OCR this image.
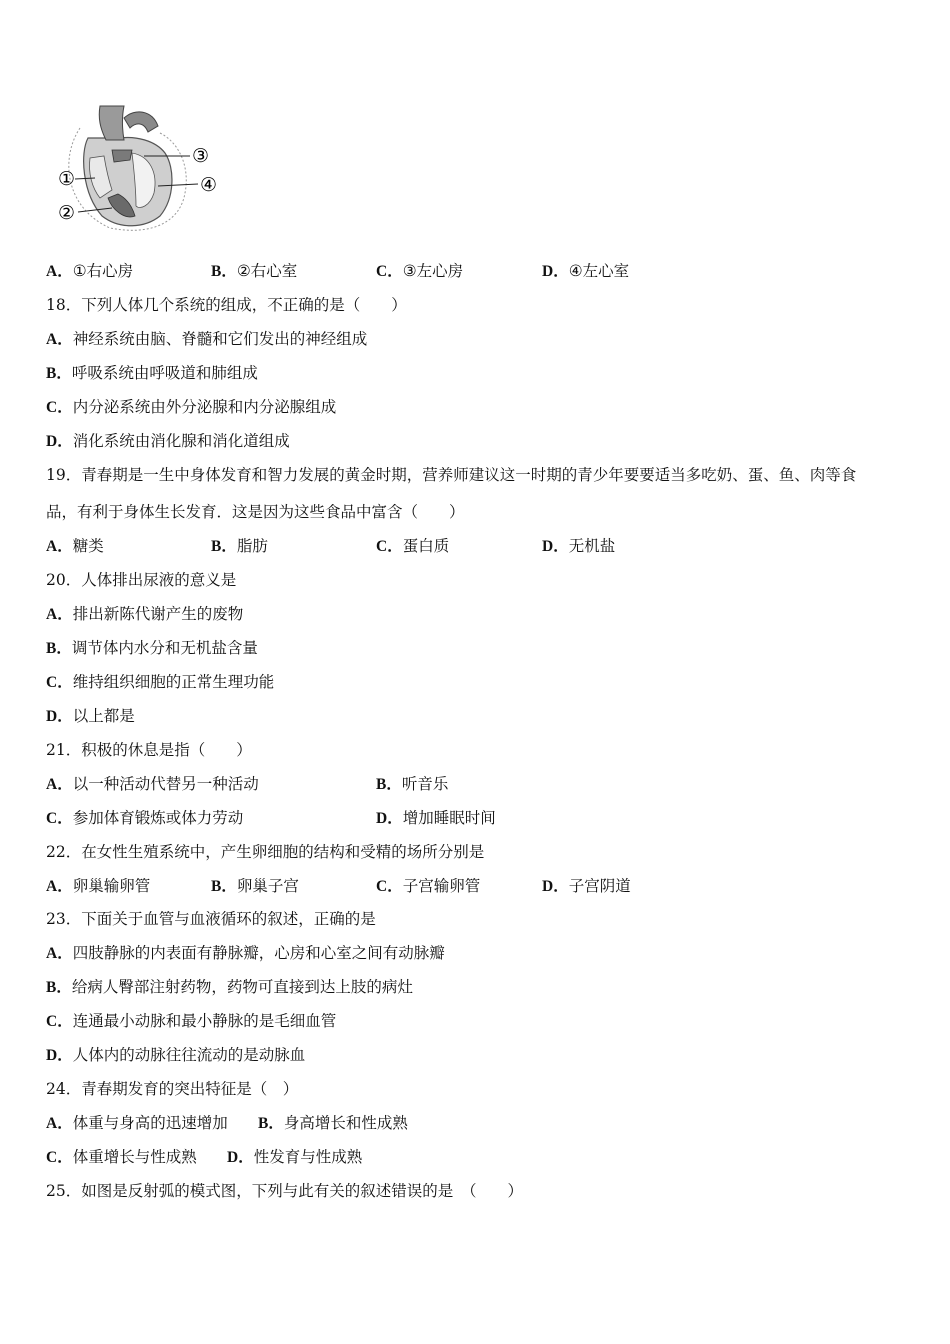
①
②
③
④
A．①右心房	B．②右心室	C．③左心房	D．④左心室
18．下列人体几个系统的组成，不正确的是（　　）
A．神经系统由脑、脊髓和它们发出的神经组成
B．呼吸系统由呼吸道和肺组成
C．内分泌系统由外分泌腺和内分泌腺组成
D．消化系统由消化腺和消化道组成
19．青春期是一生中身体发育和智力发展的黄金时期，营养师建议这一时期的青少年要要适当多吃奶、蛋、鱼、肉等食
品，有利于身体生长发育．这是因为这些食品中富含（　　）
A．糖类	B．脂肪	C．蛋白质	D．无机盐
20．人体排出尿液的意义是
A．排出新陈代谢产生的废物
B．调节体内水分和无机盐含量
C．维持组织细胞的正常生理功能
D．以上都是
21．积极的休息是指（　　）
A．以一种活动代替另一种活动	B．听音乐
C．参加体育锻炼或体力劳动	D．增加睡眠时间
22．在女性生殖系统中，产生卵细胞的结构和受精的场所分别是
A．卵巢输卵管	B．卵巢子宫	C．子宫输卵管	D．子宫阴道
23．下面关于血管与血液循环的叙述，正确的是
A．四肢静脉的内表面有静脉瓣，心房和心室之间有动脉瓣
B．给病人臀部注射药物，药物可直接到达上肢的病灶
C．连通最小动脉和最小静脉的是毛细血管
D．人体内的动脉往往流动的是动脉血
24．青春期发育的突出特征是（　）
A．体重与身高的迅速增加 B．身高增长和性成熟
C．体重增长与性成熟 D．性发育与性成熟
25．如图是反射弧的模式图，下列与此有关的叙述错误的是　（　　）
